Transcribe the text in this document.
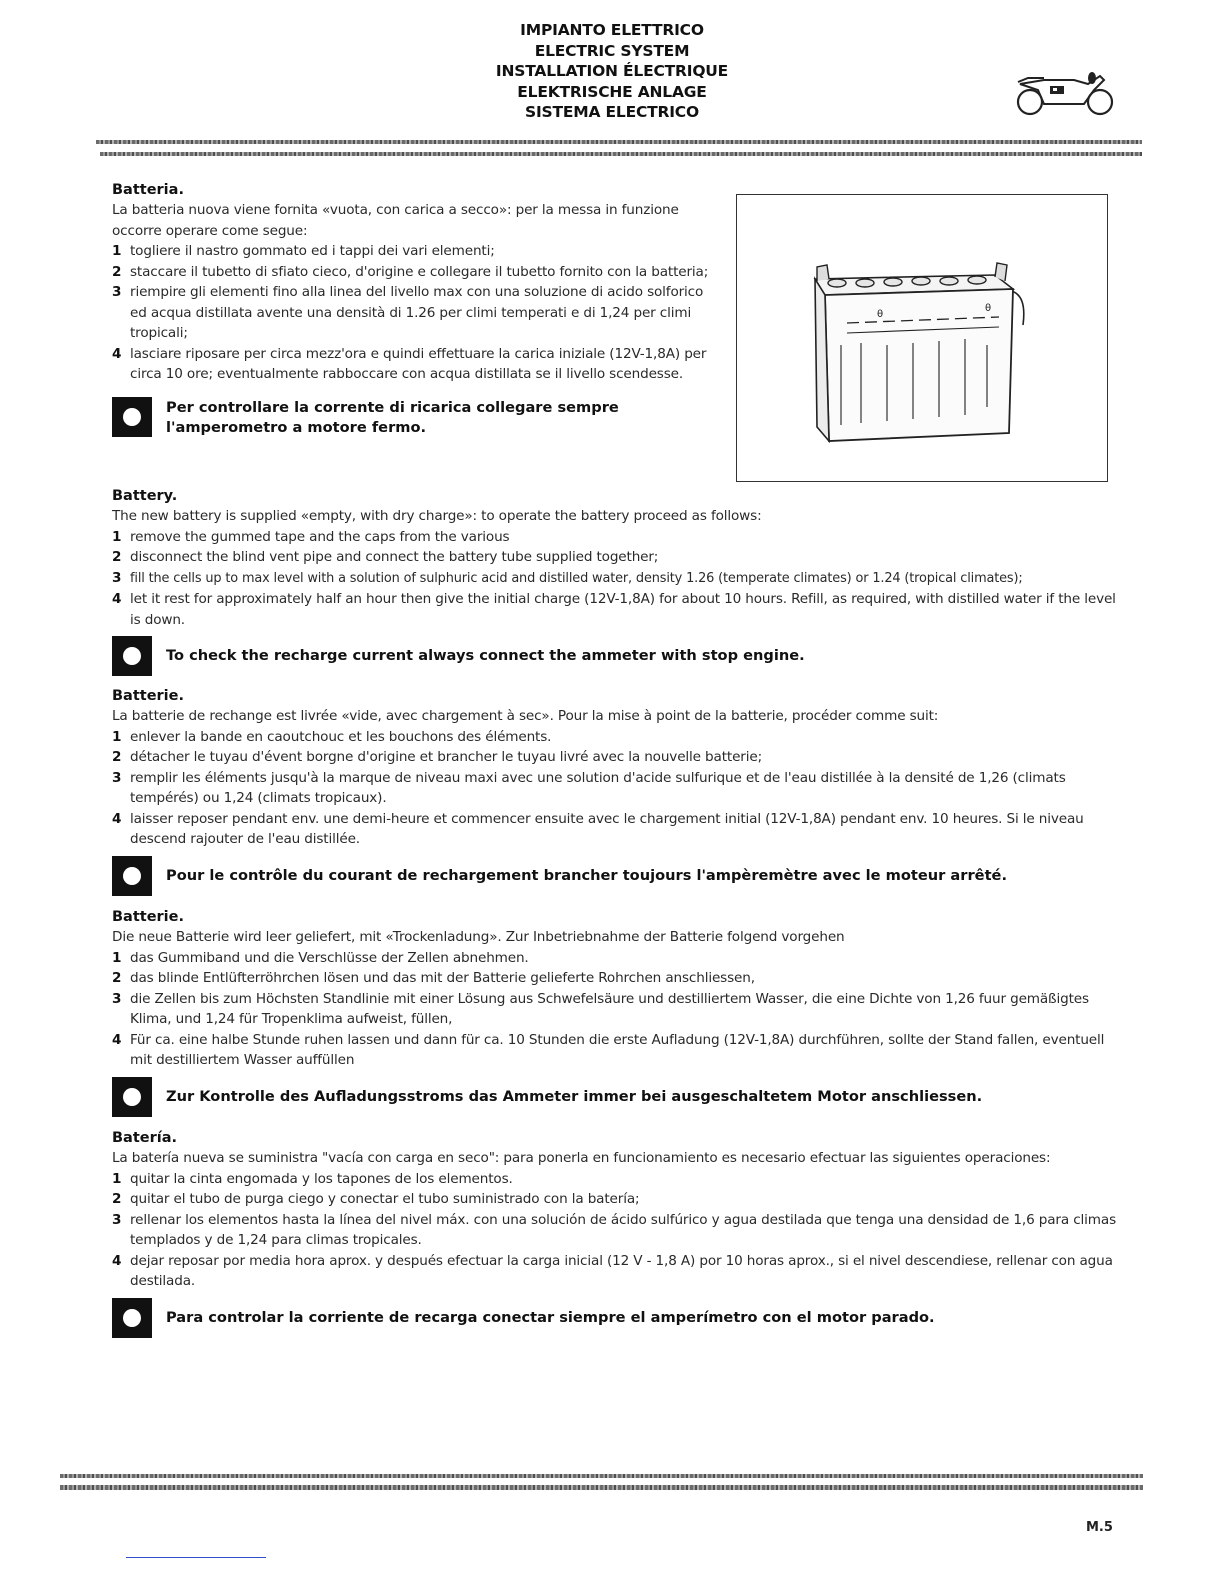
IMPIANTO ELETTRICO
ELECTRIC SYSTEM
INSTALLATION ÉLECTRIQUE
ELEKTRISCHE ANLAGE
SISTEMA ELECTRICO
θ
θ
Batteria.

La batteria nuova viene fornita «vuota, con carica a secco»: per la messa in funzione occorre operare come segue:

1 togliere il nastro gommato ed i tappi dei vari elementi;
2 staccare il tubetto di sfiato cieco, d'origine e collegare il tubetto fornito con la batteria;
3 riempire gli elementi fino alla linea del livello max con una soluzione di acido solforico ed acqua distillata avente una densità di 1.26 per climi temperati e di 1,24 per climi tropicali;
4 lasciare riposare per circa mezz'ora e quindi effettuare la carica iniziale (12V-1,8A) per circa 10 ore; eventualmente rabboccare con acqua distillata se il livello scendesse.
Per controllare la corrente di ricarica collegare sempre l'amperometro a motore fermo.
Battery.

The new battery is supplied «empty, with dry charge»: to operate the battery proceed as follows:

1 remove the gummed tape and the caps from the various
2 disconnect the blind vent pipe and connect the battery tube supplied together;
3 fill the cells up to max level with a solution of sulphuric acid and distilled water, density 1.26 (temperate climates) or 1.24 (tropical climates);
4 let it rest for approximately half an hour then give the initial charge (12V-1,8A) for about 10 hours. Refill, as required, with distilled water if the level is down.
To check the recharge current always connect the ammeter with stop engine.
Batterie.

La batterie de rechange est livrée «vide, avec chargement à sec». Pour la mise à point de la batterie, procéder comme suit:

1 enlever la bande en caoutchouc et les bouchons des éléments.
2 détacher le tuyau d'évent borgne d'origine et brancher le tuyau livré avec la nouvelle batterie;
3 remplir les éléments jusqu'à la marque de niveau maxi avec une solution d'acide sulfurique et de l'eau distillée à la densité de 1,26 (climats tempérés) ou 1,24 (climats tropicaux).
4 laisser reposer pendant env. une demi-heure et commencer ensuite avec le chargement initial (12V-1,8A) pendant env. 10 heures. Si le niveau descend rajouter de l'eau distillée.
Pour le contrôle du courant de rechargement brancher toujours l'ampèremètre avec le moteur arrêté.
Batterie.

Die neue Batterie wird leer geliefert, mit «Trockenladung». Zur Inbetriebnahme der Batterie folgend vorgehen

1 das Gummiband und die Verschlüsse der Zellen abnehmen.
2 das blinde Entlüfterröhrchen lösen und das mit der Batterie gelieferte Rohrchen anschliessen,
3 die Zellen bis zum Höchsten Standlinie mit einer Lösung aus Schwefelsäure und destilliertem Wasser, die eine Dichte von 1,26 fuur gemäßigtes Klima, und 1,24 für Tropenklima aufweist, füllen,
4 Für ca. eine halbe Stunde ruhen lassen und dann für ca. 10 Stunden die erste Aufladung (12V-1,8A) durchführen, sollte der Stand fallen, eventuell mit destilliertem Wasser auffüllen
Zur Kontrolle des Aufladungsstroms das Ammeter immer bei ausgeschaltetem Motor anschliessen.
Batería.

La batería nueva se suministra "vacía con carga en seco": para ponerla en funcionamiento es necesario efectuar las siguientes operaciones:

1 quitar la cinta engomada y los tapones de los elementos.
2 quitar el tubo de purga ciego y conectar el tubo suministrado con la batería;
3 rellenar los elementos hasta la línea del nivel máx. con una solución de ácido sulfúrico y agua destilada que tenga una densidad de 1,6 para climas templados y de 1,24 para climas tropicales.
4 dejar reposar por media hora aprox. y después efectuar la carga inicial (12 V - 1,8 A) por 10 horas aprox., si el nivel descendiese, rellenar con agua destilada.
Para controlar la corriente de recarga conectar siempre el amperímetro con el motor parado.
M.5
